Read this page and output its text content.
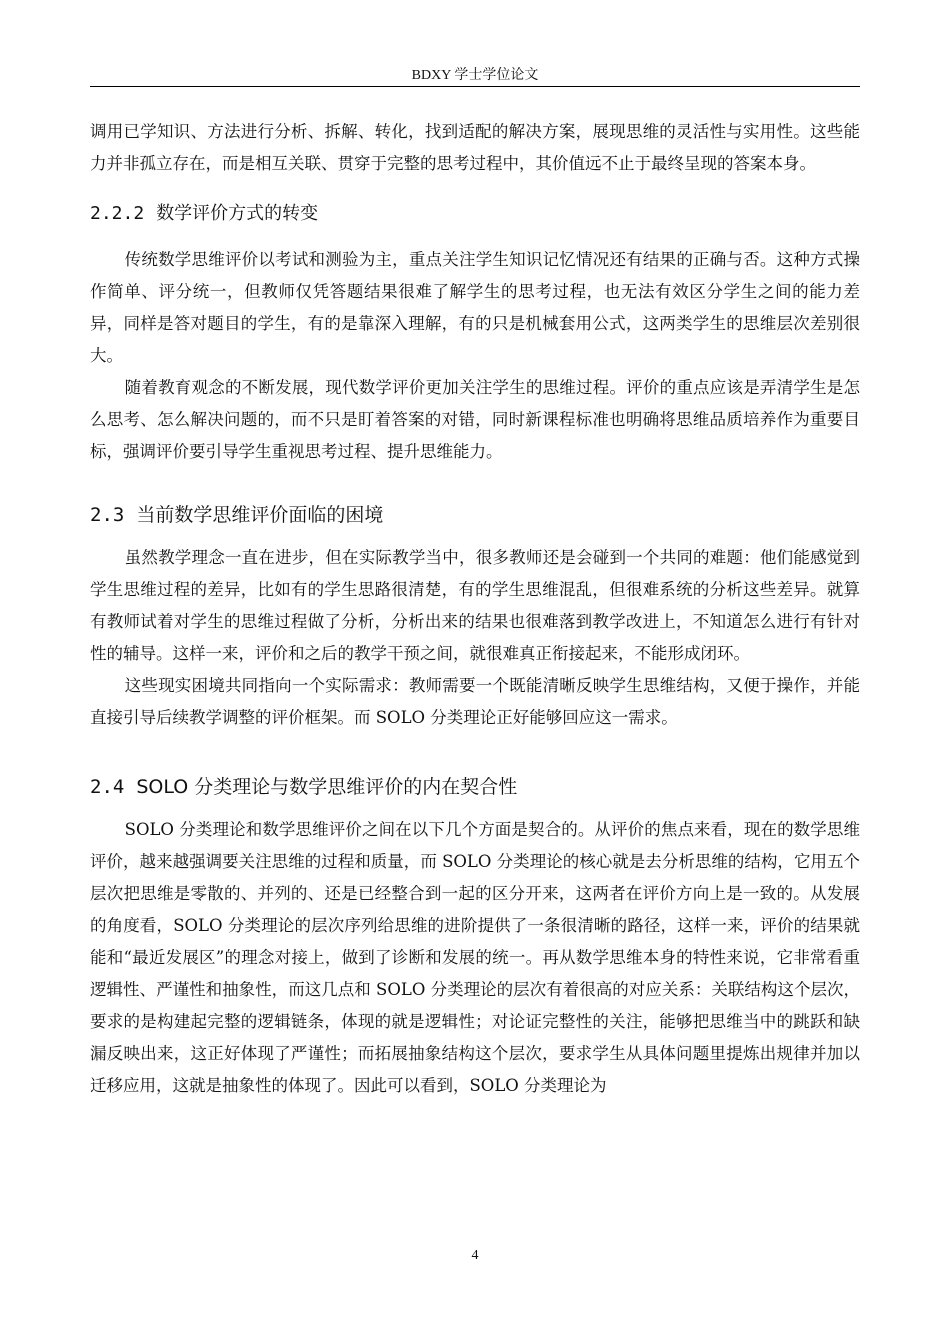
BDXY 学士学位论文

调用已学知识、方法进行分析、拆解、转化，找到适配的解决方案，展现思维的灵活性与实用性。这些能力并非孤立存在，而是相互关联、贯穿于完整的思考过程中，其价值远不止于最终呈现的答案本身。

2.2.2 数学评价方式的转变

传统数学思维评价以考试和测验为主，重点关注学生知识记忆情况还有结果的正确与否。这种方式操作简单、评分统一，但教师仅凭答题结果很难了解学生的思考过程，也无法有效区分学生之间的能力差异，同样是答对题目的学生，有的是靠深入理解，有的只是机械套用公式，这两类学生的思维层次差别很大。

随着教育观念的不断发展，现代数学评价更加关注学生的思维过程。评价的重点应该是弄清学生是怎么思考、怎么解决问题的，而不只是盯着答案的对错，同时新课程标准也明确将思维品质培养作为重要目标，强调评价要引导学生重视思考过程、提升思维能力。

2.3 当前数学思维评价面临的困境

虽然教学理念一直在进步，但在实际教学当中，很多教师还是会碰到一个共同的难题：他们能感觉到学生思维过程的差异，比如有的学生思路很清楚，有的学生思维混乱，但很难系统的分析这些差异。就算有教师试着对学生的思维过程做了分析，分析出来的结果也很难落到教学改进上，不知道怎么进行有针对性的辅导。这样一来，评价和之后的教学干预之间，就很难真正衔接起来，不能形成闭环。

这些现实困境共同指向一个实际需求：教师需要一个既能清晰反映学生思维结构，又便于操作，并能直接引导后续教学调整的评价框架。而 SOLO 分类理论正好能够回应这一需求。

2.4 SOLO 分类理论与数学思维评价的内在契合性

SOLO 分类理论和数学思维评价之间在以下几个方面是契合的。从评价的焦点来看，现在的数学思维评价，越来越强调要关注思维的过程和质量，而 SOLO 分类理论的核心就是去分析思维的结构，它用五个层次把思维是零散的、并列的、还是已经整合到一起的区分开来，这两者在评价方向上是一致的。从发展的角度看，SOLO 分类理论的层次序列给思维的进阶提供了一条很清晰的路径，这样一来，评价的结果就能和“最近发展区”的理念对接上，做到了诊断和发展的统一。再从数学思维本身的特性来说，它非常看重逻辑性、严谨性和抽象性，而这几点和 SOLO 分类理论的层次有着很高的对应关系：关联结构这个层次，要求的是构建起完整的逻辑链条，体现的就是逻辑性；对论证完整性的关注，能够把思维当中的跳跃和缺漏反映出来，这正好体现了严谨性；而拓展抽象结构这个层次，要求学生从具体问题里提炼出规律并加以迁移应用，这就是抽象性的体现了。因此可以看到，SOLO 分类理论为

4
